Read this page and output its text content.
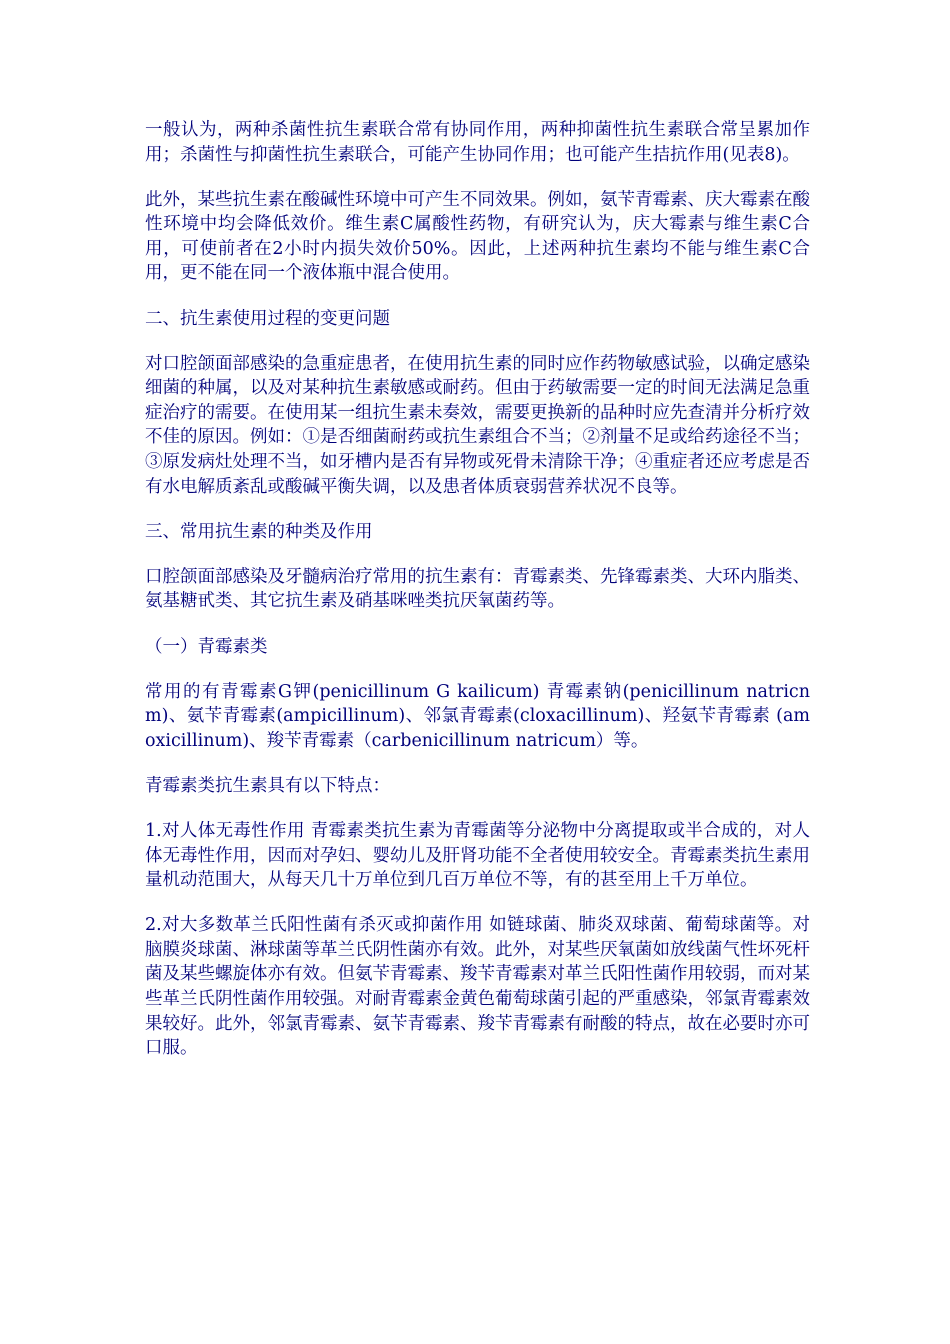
一般认为，两种杀菌性抗生素联合常有协同作用，两种抑菌性抗生素联合常呈累加作用；杀菌性与抑菌性抗生素联合，可能产生协同作用；也可能产生拮抗作用(见表8)。

此外，某些抗生素在酸碱性环境中可产生不同效果。例如，氨苄青霉素、庆大霉素在酸性环境中均会降低效价。维生素C属酸性药物，有研究认为，庆大霉素与维生素C合用，可使前者在2小时内损失效价50%。因此，上述两种抗生素均不能与维生素C合用，更不能在同一个液体瓶中混合使用。

二、抗生素使用过程的变更问题

对口腔颌面部感染的急重症患者，在使用抗生素的同时应作药物敏感试验，以确定感染细菌的种属，以及对某种抗生素敏感或耐药。但由于药敏需要一定的时间无法满足急重症治疗的需要。在使用某一组抗生素未奏效，需要更换新的品种时应先查清并分析疗效不佳的原因。例如：①是否细菌耐药或抗生素组合不当；②剂量不足或给药途径不当；③原发病灶处理不当，如牙槽内是否有异物或死骨未清除干净；④重症者还应考虑是否有水电解质紊乱或酸碱平衡失调，以及患者体质衰弱营养状况不良等。

三、常用抗生素的种类及作用

口腔颌面部感染及牙髓病治疗常用的抗生素有：青霉素类、先锋霉素类、大环内脂类、氨基糖甙类、其它抗生素及硝基咪唑类抗厌氧菌药等。

（一）青霉素类

常用的有青霉素G钾(penicillinum G kailicum) 青霉素钠(penicillinum natricnm)、氨苄青霉素(ampicillinum)、邻氯青霉素(cloxacillinum)、羟氨苄青霉素 (amoxicillinum)、羧苄青霉素（carbenicillinum natricum）等。

青霉素类抗生素具有以下特点：

1.对人体无毒性作用 青霉素类抗生素为青霉菌等分泌物中分离提取或半合成的，对人体无毒性作用，因而对孕妇、婴幼儿及肝肾功能不全者使用较安全。青霉素类抗生素用量机动范围大，从每天几十万单位到几百万单位不等，有的甚至用上千万单位。

2.对大多数革兰氏阳性菌有杀灭或抑菌作用 如链球菌、肺炎双球菌、葡萄球菌等。对脑膜炎球菌、淋球菌等革兰氏阴性菌亦有效。此外，对某些厌氧菌如放线菌气性坏死杆菌及某些螺旋体亦有效。但氨苄青霉素、羧苄青霉素对革兰氏阳性菌作用较弱，而对某些革兰氏阴性菌作用较强。对耐青霉素金黄色葡萄球菌引起的严重感染，邻氯青霉素效果较好。此外，邻氯青霉素、氨苄青霉素、羧苄青霉素有耐酸的特点，故在必要时亦可口服。
